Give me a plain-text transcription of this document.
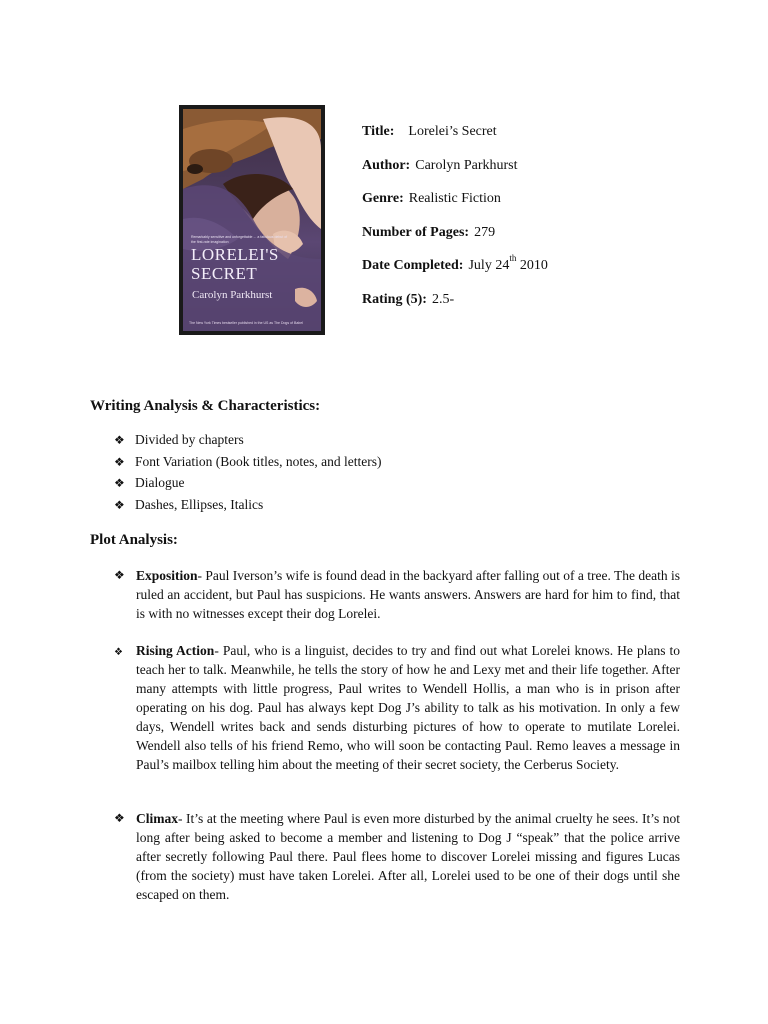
Remarkably sensitive and unforgettable ... a fabulous debut of the first-rate imagination
LORELEI'S
SECRET
Carolyn Parkhurst
The New York Times bestseller published in the US as The Dogs of Babel
Title: Lorelei’s Secret
Author: Carolyn Parkhurst
Genre: Realistic Fiction
Number of Pages: 279
Date Completed: July 24th 2010
Rating (5): 2.5-
Writing Analysis & Characteristics:
❖ Divided by chapters
❖ Font Variation (Book titles, notes, and letters)
❖ Dialogue
❖ Dashes, Ellipses, Italics
Plot Analysis:
❖ Exposition- Paul Iverson’s wife is found dead in the backyard after falling out of a tree. The death is ruled an accident, but Paul has suspicions. He wants answers. Answers are hard for him to find, that is with no witnesses except their dog Lorelei.
❖ Rising Action- Paul, who is a linguist, decides to try and find out what Lorelei knows. He plans to teach her to talk. Meanwhile, he tells the story of how he and Lexy met and their life together. After many attempts with little progress, Paul writes to Wendell Hollis, a man who is in prison after operating on his dog. Paul has always kept Dog J’s ability to talk as his motivation. In only a few days, Wendell writes back and sends disturbing pictures of how to operate to mutilate Lorelei. Wendell also tells of his friend Remo, who will soon be contacting Paul. Remo leaves a message in Paul’s mailbox telling him about the meeting of their secret society, the Cerberus Society.
❖ Climax- It’s at the meeting where Paul is even more disturbed by the animal cruelty he sees. It’s not long after being asked to become a member and listening to Dog J “speak” that the police arrive after secretly following Paul there. Paul flees home to discover Lorelei missing and figures Lucas (from the society) must have taken Lorelei. After all, Lorelei used to be one of their dogs until she escaped on them.
